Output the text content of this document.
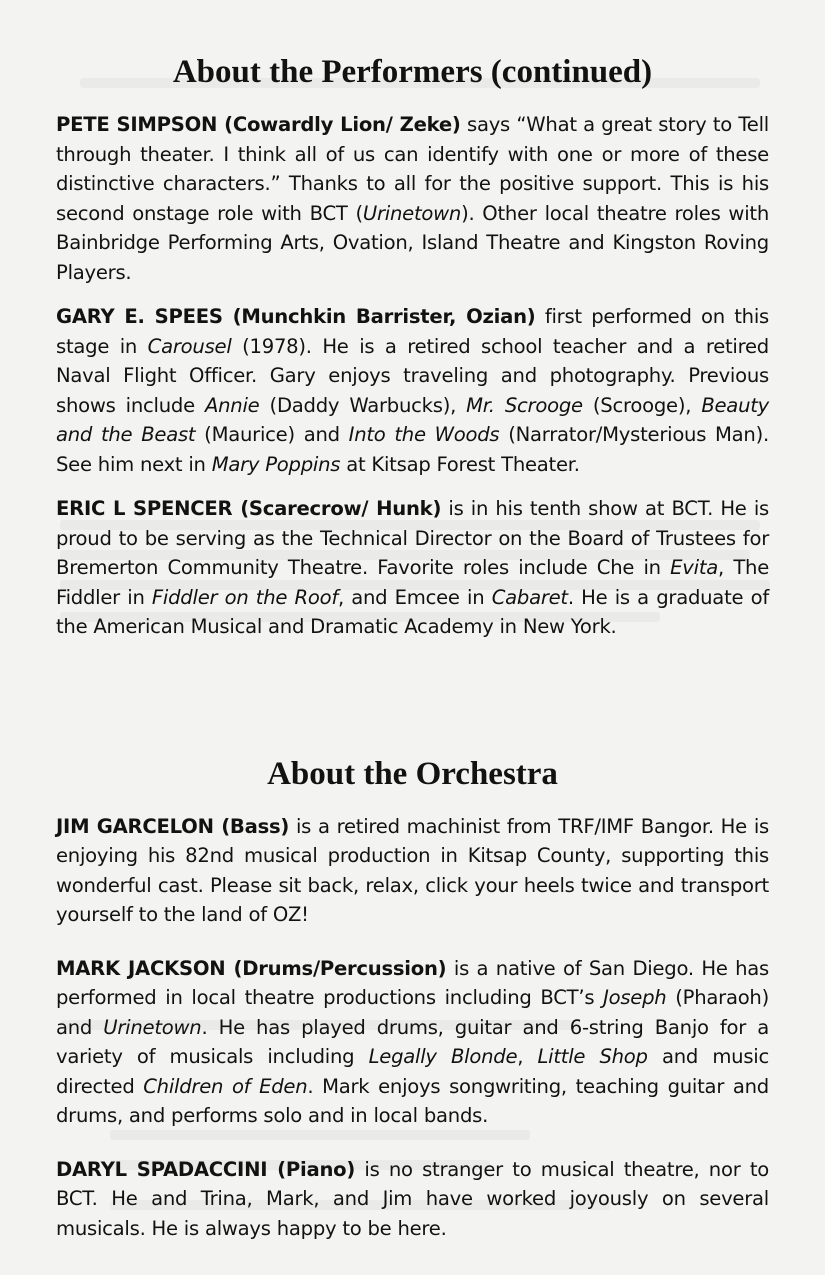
About the Performers (continued)

PETE SIMPSON (Cowardly Lion/ Zeke) says “What a great story to Tell through theater. I think all of us can identify with one or more of these distinctive characters.” Thanks to all for the positive support. This is his second onstage role with BCT (Urinetown). Other local theatre roles with Bainbridge Performing Arts, Ovation, Island Theatre and Kingston Roving Players.

GARY E. SPEES (Munchkin Barrister, Ozian) first performed on this stage in Carousel (1978). He is a retired school teacher and a retired Naval Flight Officer. Gary enjoys traveling and photography. Previous shows include Annie (Daddy Warbucks), Mr. Scrooge (Scrooge), Beauty and the Beast (Maurice) and Into the Woods (Narrator/Mysterious Man). See him next in Mary Poppins at Kitsap Forest Theater.

ERIC L SPENCER (Scarecrow/ Hunk) is in his tenth show at BCT. He is proud to be serving as the Technical Director on the Board of Trustees for Bremerton Community Theatre. Favorite roles include Che in Evita, The Fiddler in Fiddler on the Roof, and Emcee in Cabaret. He is a graduate of the American Musical and Dramatic Academy in New York.

About the Orchestra

JIM GARCELON (Bass) is a retired machinist from TRF/IMF Bangor. He is enjoying his 82nd musical production in Kitsap County, supporting this wonderful cast. Please sit back, relax, click your heels twice and transport yourself to the land of OZ!

MARK JACKSON (Drums/Percussion) is a native of San Diego. He has performed in local theatre productions including BCT’s Joseph (Pharaoh) and Urinetown. He has played drums, guitar and 6-string Banjo for a variety of musicals including Legally Blonde, Little Shop and music directed Children of Eden. Mark enjoys songwriting, teaching guitar and drums, and performs solo and in local bands.

DARYL SPADACCINI (Piano) is no stranger to musical theatre, nor to BCT. He and Trina, Mark, and Jim have worked joyously on several musicals. He is always happy to be here.
